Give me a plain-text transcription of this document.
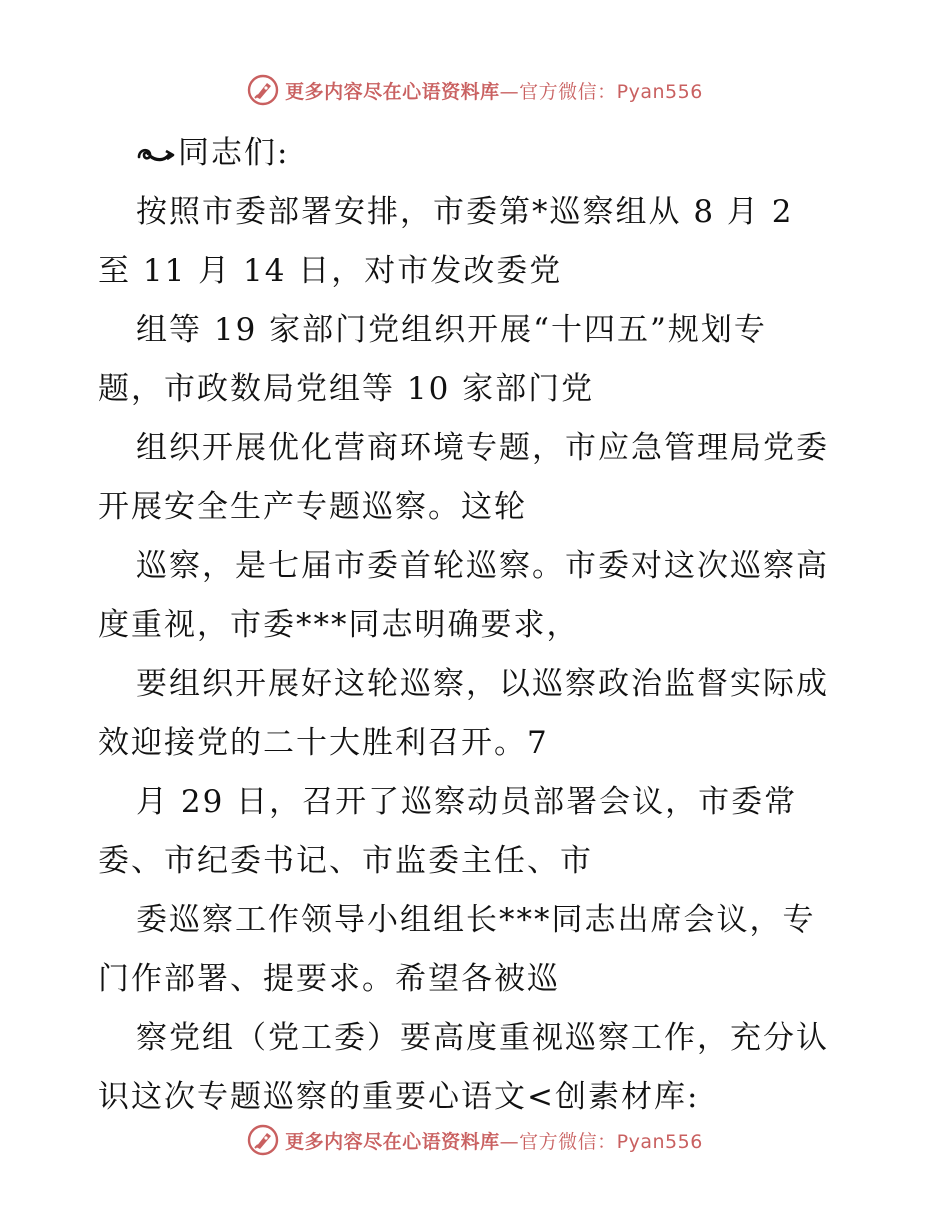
更多内容尽在心语资料库—官方微信：Pyan556
同志们:
按照市委部署安排，市委第*巡察组从 8 月 2
至 11 月 14 日，对市发改委党
组等 19 家部门党组织开展“十四五”规划专
题，市政数局党组等 10 家部门党
组织开展优化营商环境专题，市应急管理局党委
开展安全生产专题巡察。这轮
巡察，是七届市委首轮巡察。市委对这次巡察高
度重视，市委***同志明确要求，
要组织开展好这轮巡察，以巡察政治监督实际成
效迎接党的二十大胜利召开。7
月 29 日，召开了巡察动员部署会议，市委常
委、市纪委书记、市监委主任、市
委巡察工作领导小组组长***同志出席会议，专
门作部署、提要求。希望各被巡
察党组（党工委）要高度重视巡察工作，充分认
识这次专题巡察的重要心语文<创素材库:
更多内容尽在心语资料库—官方微信：Pyan556
